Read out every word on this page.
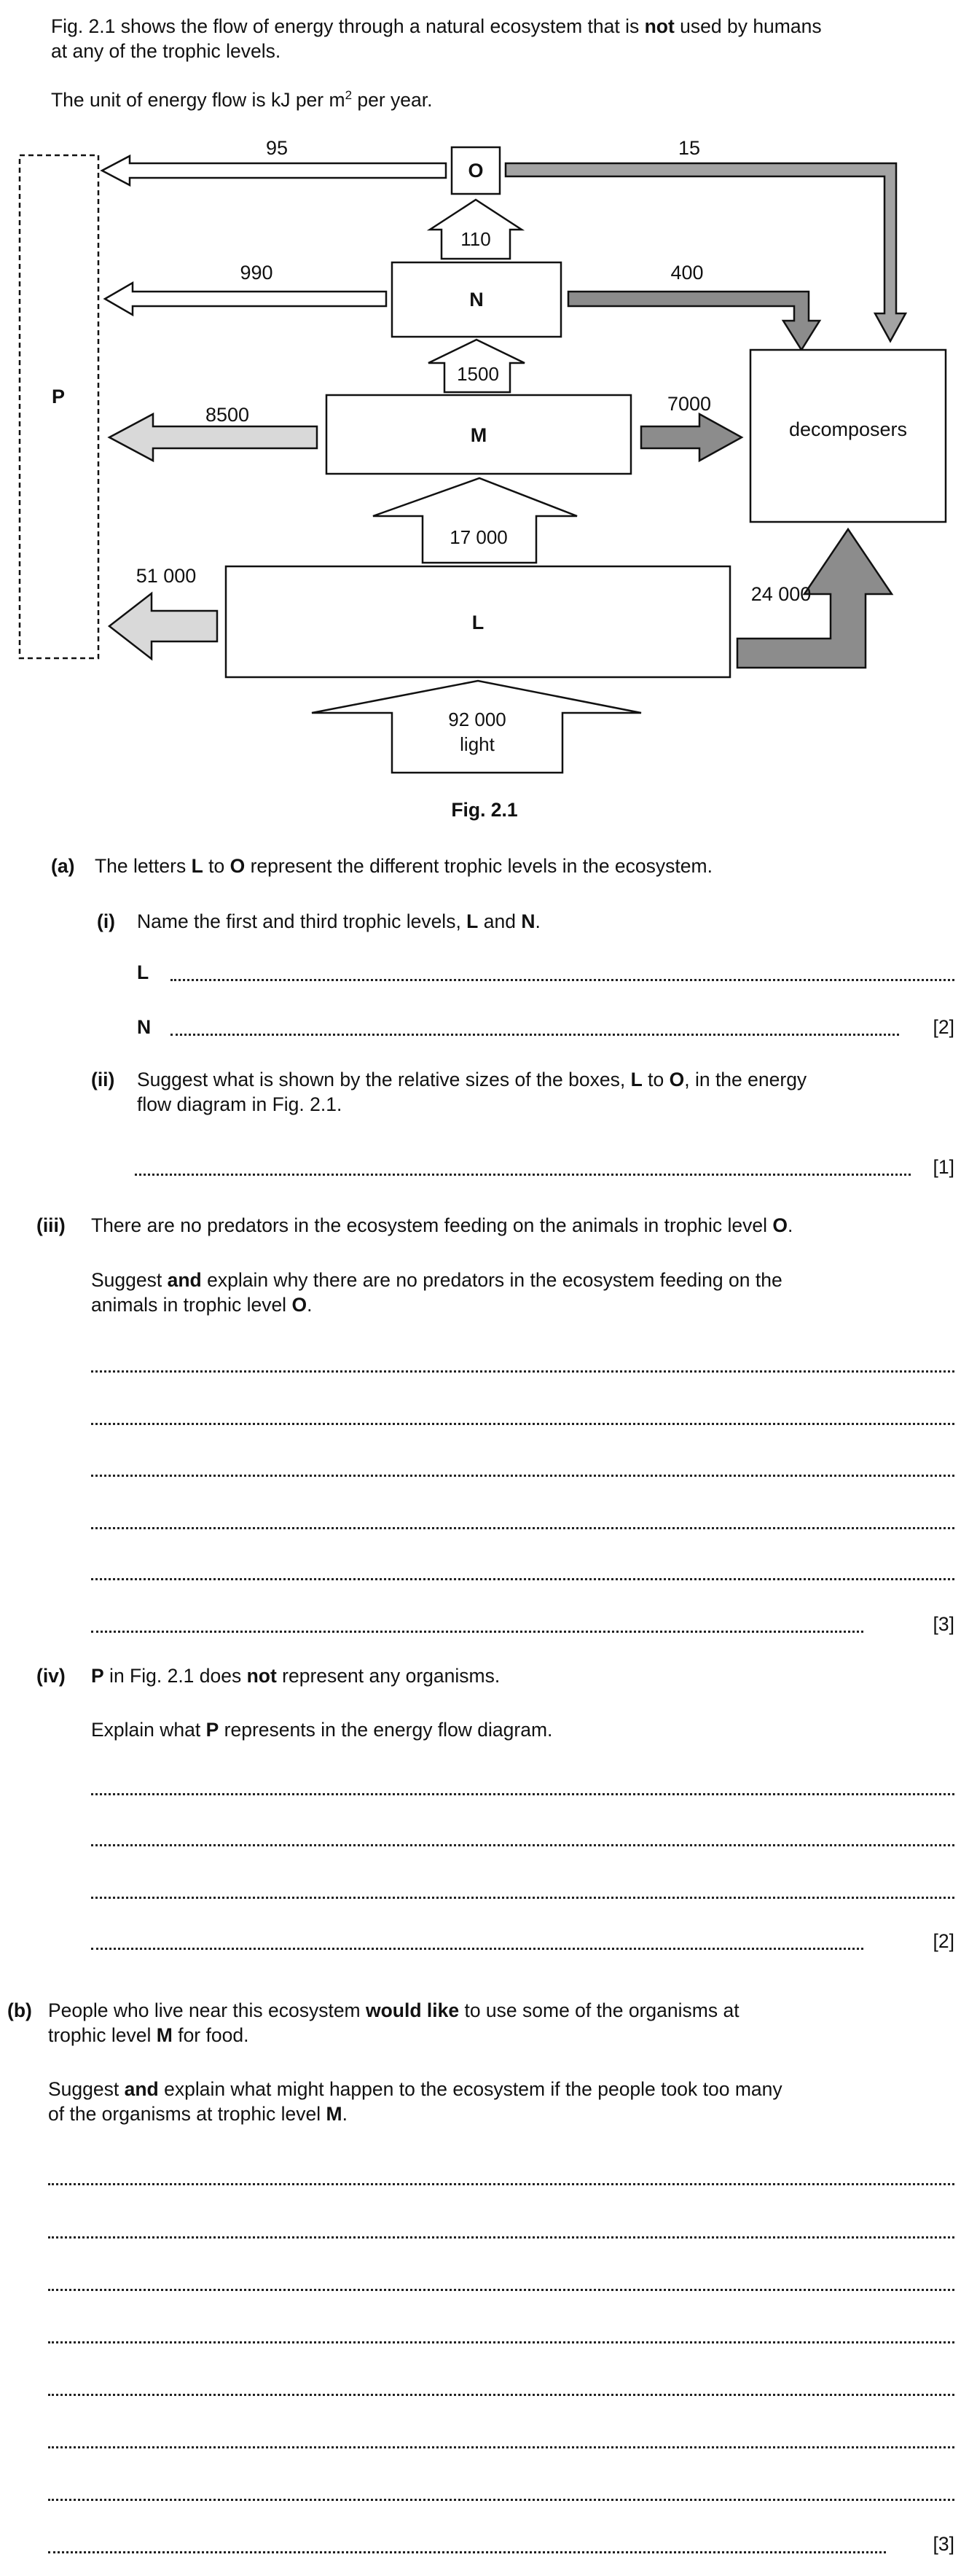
Fig. 2.1 shows the flow of energy through a natural ecosystem that is not used by humans
at any of the trophic levels.
The unit of energy flow is kJ per $m^2$ per year.
P
O
95	15
110
N
990	400
decomposers
1500
M
8500	7000
17 000
L
51 000
24 000
92 000
light
Fig. 2.1
(a) The letters L to O represent the different trophic levels in the ecosystem.
(i) Name the first and third trophic levels, L and N.
L
N	[2]
(ii) Suggest what is shown by the relative sizes of the boxes, L to O, in the energy
flow diagram in Fig. 2.1.
[1]
(iii) There are no predators in the ecosystem feeding on the animals in trophic level O.
Suggest and explain why there are no predators in the ecosystem feeding on the
animals in trophic level O.
[3]
(iv) P in Fig. 2.1 does not represent any organisms.
Explain what P represents in the energy flow diagram.
[2]
(b) People who live near this ecosystem would like to use some of the organisms at
trophic level M for food.
Suggest and explain what might happen to the ecosystem if the people took too many
of the organisms at trophic level M.
[3]
